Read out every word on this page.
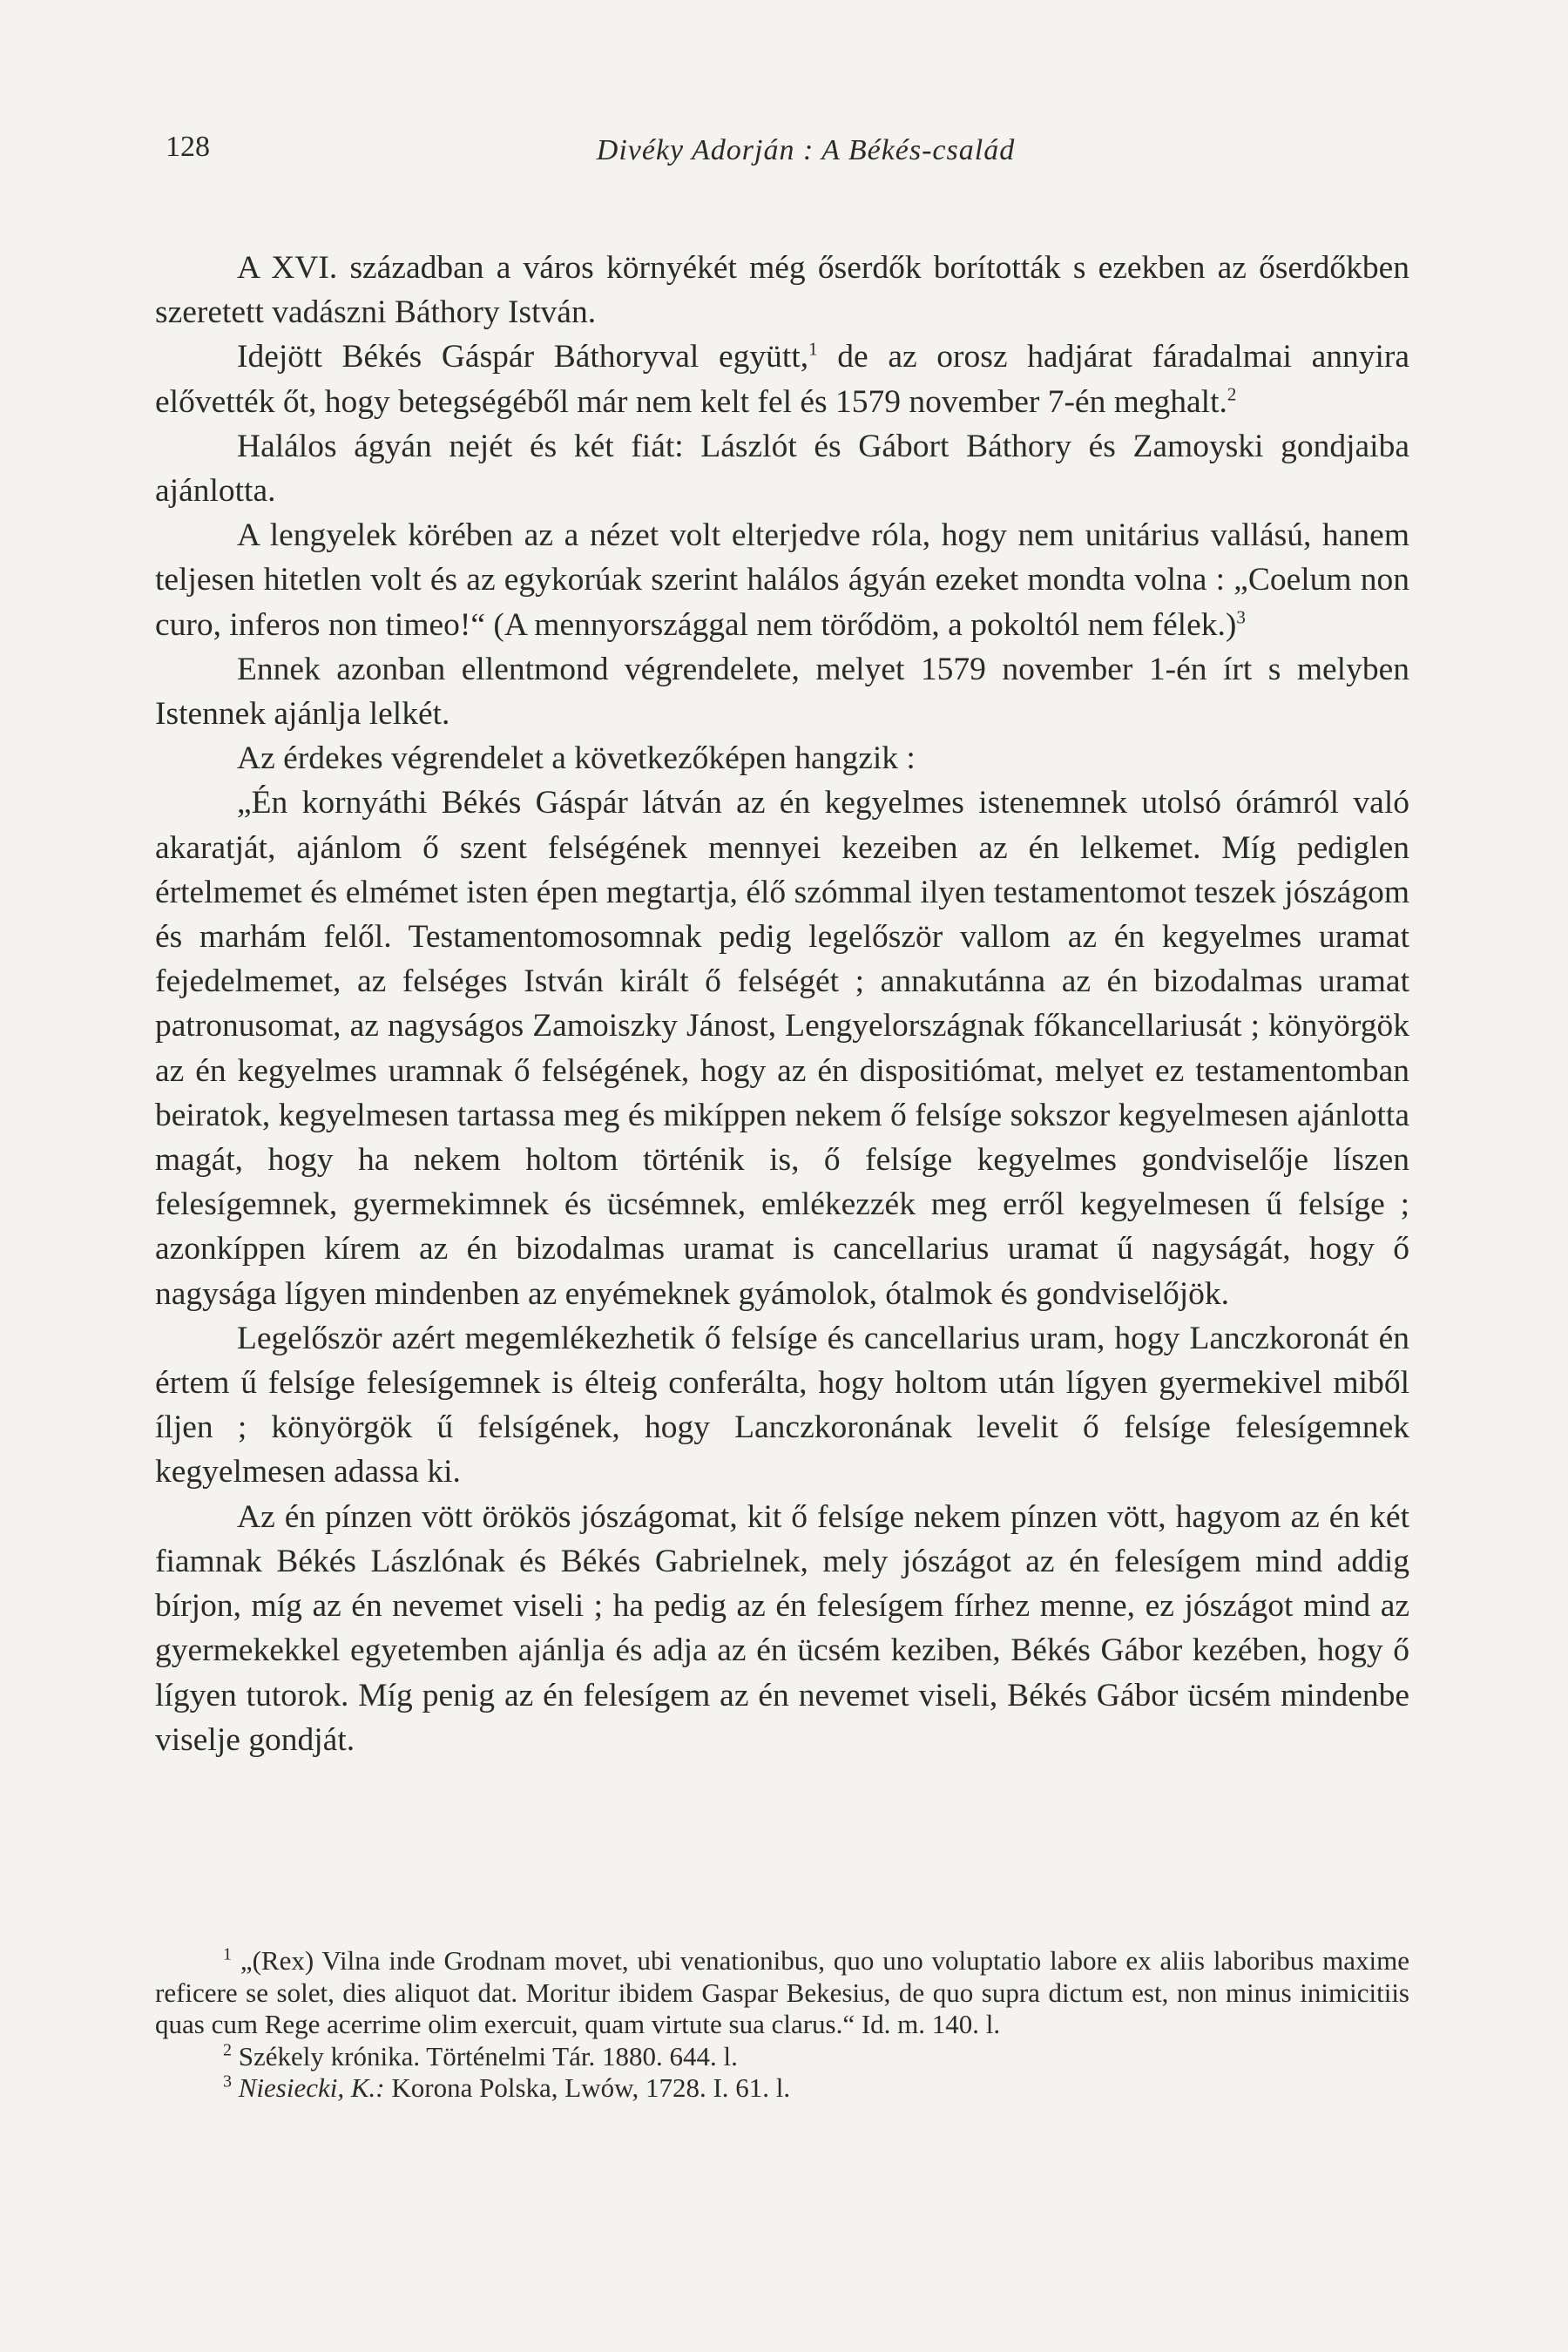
128	Divéky Adorján : A Békés-család

A XVI. században a város környékét még őserdők borították s ezekben az őserdőkben szeretett vadászni Báthory István.

Idejött Békés Gáspár Báthoryval együtt,$^1$ de az orosz hadjárat fáradalmai annyira elővették őt, hogy betegségéből már nem kelt fel és 1579 november 7-én meghalt.$^2$

Halálos ágyán nejét és két fiát: Lászlót és Gábort Báthory és Zamoyski gondjaiba ajánlotta.

A lengyelek körében az a nézet volt elterjedve róla, hogy nem unitárius vallású, hanem teljesen hitetlen volt és az egykorúak szerint halálos ágyán ezeket mondta volna : „Coelum non curo, inferos non timeo!“ (A mennyországgal nem törődöm, a pokoltól nem félek.)$^3$

Ennek azonban ellentmond végrendelete, melyet 1579 november 1-én írt s melyben Istennek ajánlja lelkét.

Az érdekes végrendelet a következőképen hangzik :

„Én kornyáthi Békés Gáspár látván az én kegyelmes istenemnek utolsó órámról való akaratját, ajánlom ő szent felségének mennyei kezeiben az én lelkemet. Míg pediglen értelmemet és elmémet isten épen megtartja, élő szómmal ilyen testamentomot teszek jószágom és marhám felől. Testamentomosomnak pedig legelőször vallom az én kegyelmes uramat fejedelmemet, az felséges István királt ő felségét ; annakutánna az én bizodalmas uramat patronusomat, az nagyságos Zamoiszky Jánost, Lengyelországnak főkancellariusát ; könyörgök az én kegyelmes uramnak ő felségének, hogy az én dispositiómat, melyet ez testamentomban beiratok, kegyelmesen tartassa meg és mikíppen nekem ő felsíge sokszor kegyelmesen ajánlotta magát, hogy ha nekem holtom történik is, ő felsíge kegyelmes gondviselője líszen felesígemnek, gyermekimnek és ücsémnek, emlékezzék meg erről kegyelmesen ű felsíge ; azonkíppen kírem az én bizodalmas uramat is cancellarius uramat ű nagyságát, hogy ő nagysága lígyen mindenben az enyémeknek gyámolok, ótalmok és gondviselőjök.

Legelőször azért megemlékezhetik ő felsíge és cancellarius uram, hogy Lanczkoronát én értem ű felsíge felesígemnek is élteig conferálta, hogy holtom után lígyen gyermekivel miből íljen ; könyörgök ű felsígének, hogy Lanczkoronának levelit ő felsíge felesígemnek kegyelmesen adassa ki.

Az én pínzen vött örökös jószágomat, kit ő felsíge nekem pínzen vött, hagyom az én két fiamnak Békés Lászlónak és Békés Gabrielnek, mely jószágot az én felesígem mind addig bírjon, míg az én nevemet viseli ; ha pedig az én felesígem fírhez menne, ez jószágot mind az gyermekekkel egyetemben ajánlja és adja az én ücsém keziben, Békés Gábor kezében, hogy ő lígyen tutorok. Míg penig az én felesígem az én nevemet viseli, Békés Gábor ücsém mindenbe viselje gondját.

$^1$ „(Rex) Vilna inde Grodnam movet, ubi venationibus, quo uno voluptatio labore ex aliis laboribus maxime reficere se solet, dies aliquot dat. Moritur ibidem Gaspar Bekesius, de quo supra dictum est, non minus inimicitiis quas cum Rege acerrime olim exercuit, quam virtute sua clarus.“ Id. m. 140. l.

$^2$ Székely krónika. Történelmi Tár. 1880. 644. l.

$^3$ Niesiecki, K.: Korona Polska, Lwów, 1728. I. 61. l.
